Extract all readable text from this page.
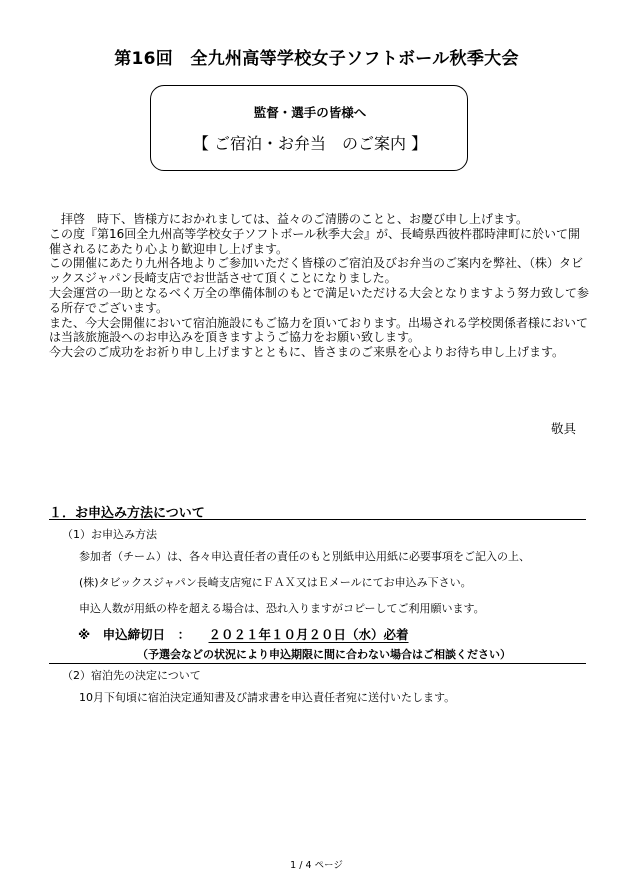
第16回　全九州高等学校女子ソフトボール秋季大会
監督・選手の皆様へ
【 ご宿泊・お弁当　のご案内 】

　拝啓　時下、皆様方におかれましては、益々のご清勝のことと、お慶び申し上げます。

この度『第16回全九州高等学校女子ソフトボール秋季大会』が、長崎県西彼杵郡時津町に於いて開催されるにあたり心より歓迎申し上げます。

この開催にあたり九州各地よりご参加いただく皆様のご宿泊及びお弁当のご案内を弊社、（株）タビックスジャパン長崎支店でお世話させて頂くことになりました。

大会運営の一助となるべく万全の準備体制のもとで満足いただける大会となりますよう努力致して参る所存でございます。

また、今大会開催において宿泊施設にもご協力を頂いております。出場される学校関係者様においては当該旅施設へのお申込みを頂きますようご協力をお願い致します。

今大会のご成功をお祈り申し上げますとともに、皆さまのご来県を心よりお待ち申し上げます。

敬具
１．お申込み方法について
（1）お申込み方法
参加者（チーム）は、各々申込責任者の責任のもと別紙申込用紙に必要事項をご記入の上、
(株)タビックスジャパン長崎支店宛にＦＡＸ又はＥメールにてお申込み下さい。
申込人数が用紙の枠を超える場合は、恐れ入りますがコピーしてご利用願います。
※　申込締切日　： ２０２１年１０月２０日（水）必着
（予選会などの状況により申込期限に間に合わない場合はご相談ください）
（2）宿泊先の決定について
10月下旬頃に宿泊決定通知書及び請求書を申込責任者宛に送付いたします。
1 / 4 ページ
